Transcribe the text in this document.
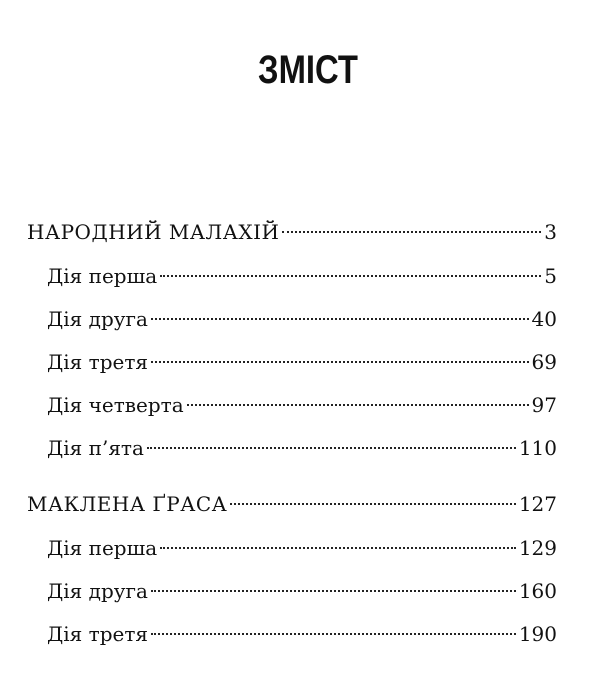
ЗМІСТ
НАРОДНИЙ МАЛАХІЙ	3
Дія перша	5
Дія друга	40
Дія третя	69
Дія четверта	97
Дія п’ята	110
МАКЛЕНА ҐРАСА	127
Дія перша	129
Дія друга	160
Дія третя	190
